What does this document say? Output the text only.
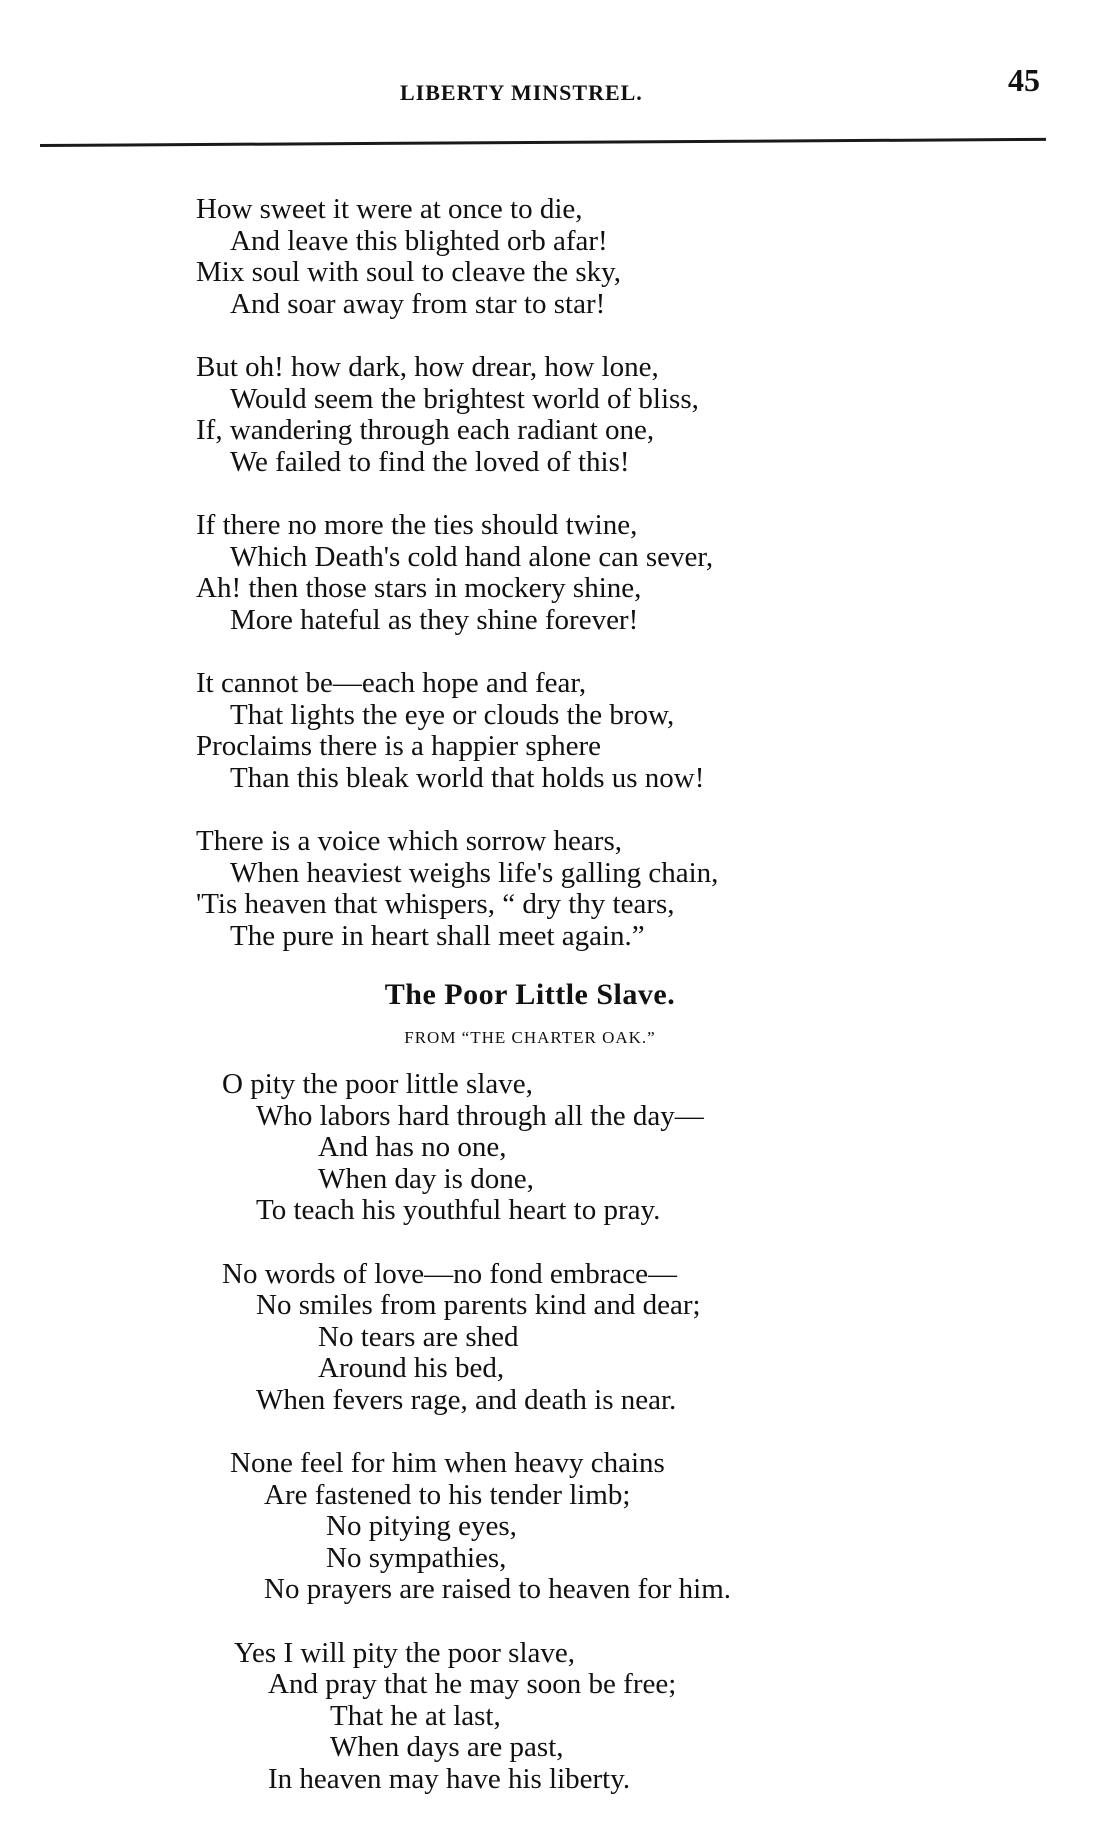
LIBERTY MINSTREL.	45
How sweet it were at once to die,
And leave this blighted orb afar!
Mix soul with soul to cleave the sky,
And soar away from star to star!
But oh! how dark, how drear, how lone,
Would seem the brightest world of bliss,
If, wandering through each radiant one,
We failed to find the loved of this!
If there no more the ties should twine,
Which Death's cold hand alone can sever,
Ah! then those stars in mockery shine,
More hateful as they shine forever!
It cannot be—each hope and fear,
That lights the eye or clouds the brow,
Proclaims there is a happier sphere
Than this bleak world that holds us now!
There is a voice which sorrow hears,
When heaviest weighs life's galling chain,
'Tis heaven that whispers, “ dry thy tears,
The pure in heart shall meet again.”
The Poor Little Slave.
FROM “THE CHARTER OAK.”
O pity the poor little slave,
Who labors hard through all the day—
And has no one,
When day is done,
To teach his youthful heart to pray.
No words of love—no fond embrace—
No smiles from parents kind and dear;
No tears are shed
Around his bed,
When fevers rage, and death is near.
None feel for him when heavy chains
Are fastened to his tender limb;
No pitying eyes,
No sympathies,
No prayers are raised to heaven for him.
Yes I will pity the poor slave,
And pray that he may soon be free;
That he at last,
When days are past,
In heaven may have his liberty.
